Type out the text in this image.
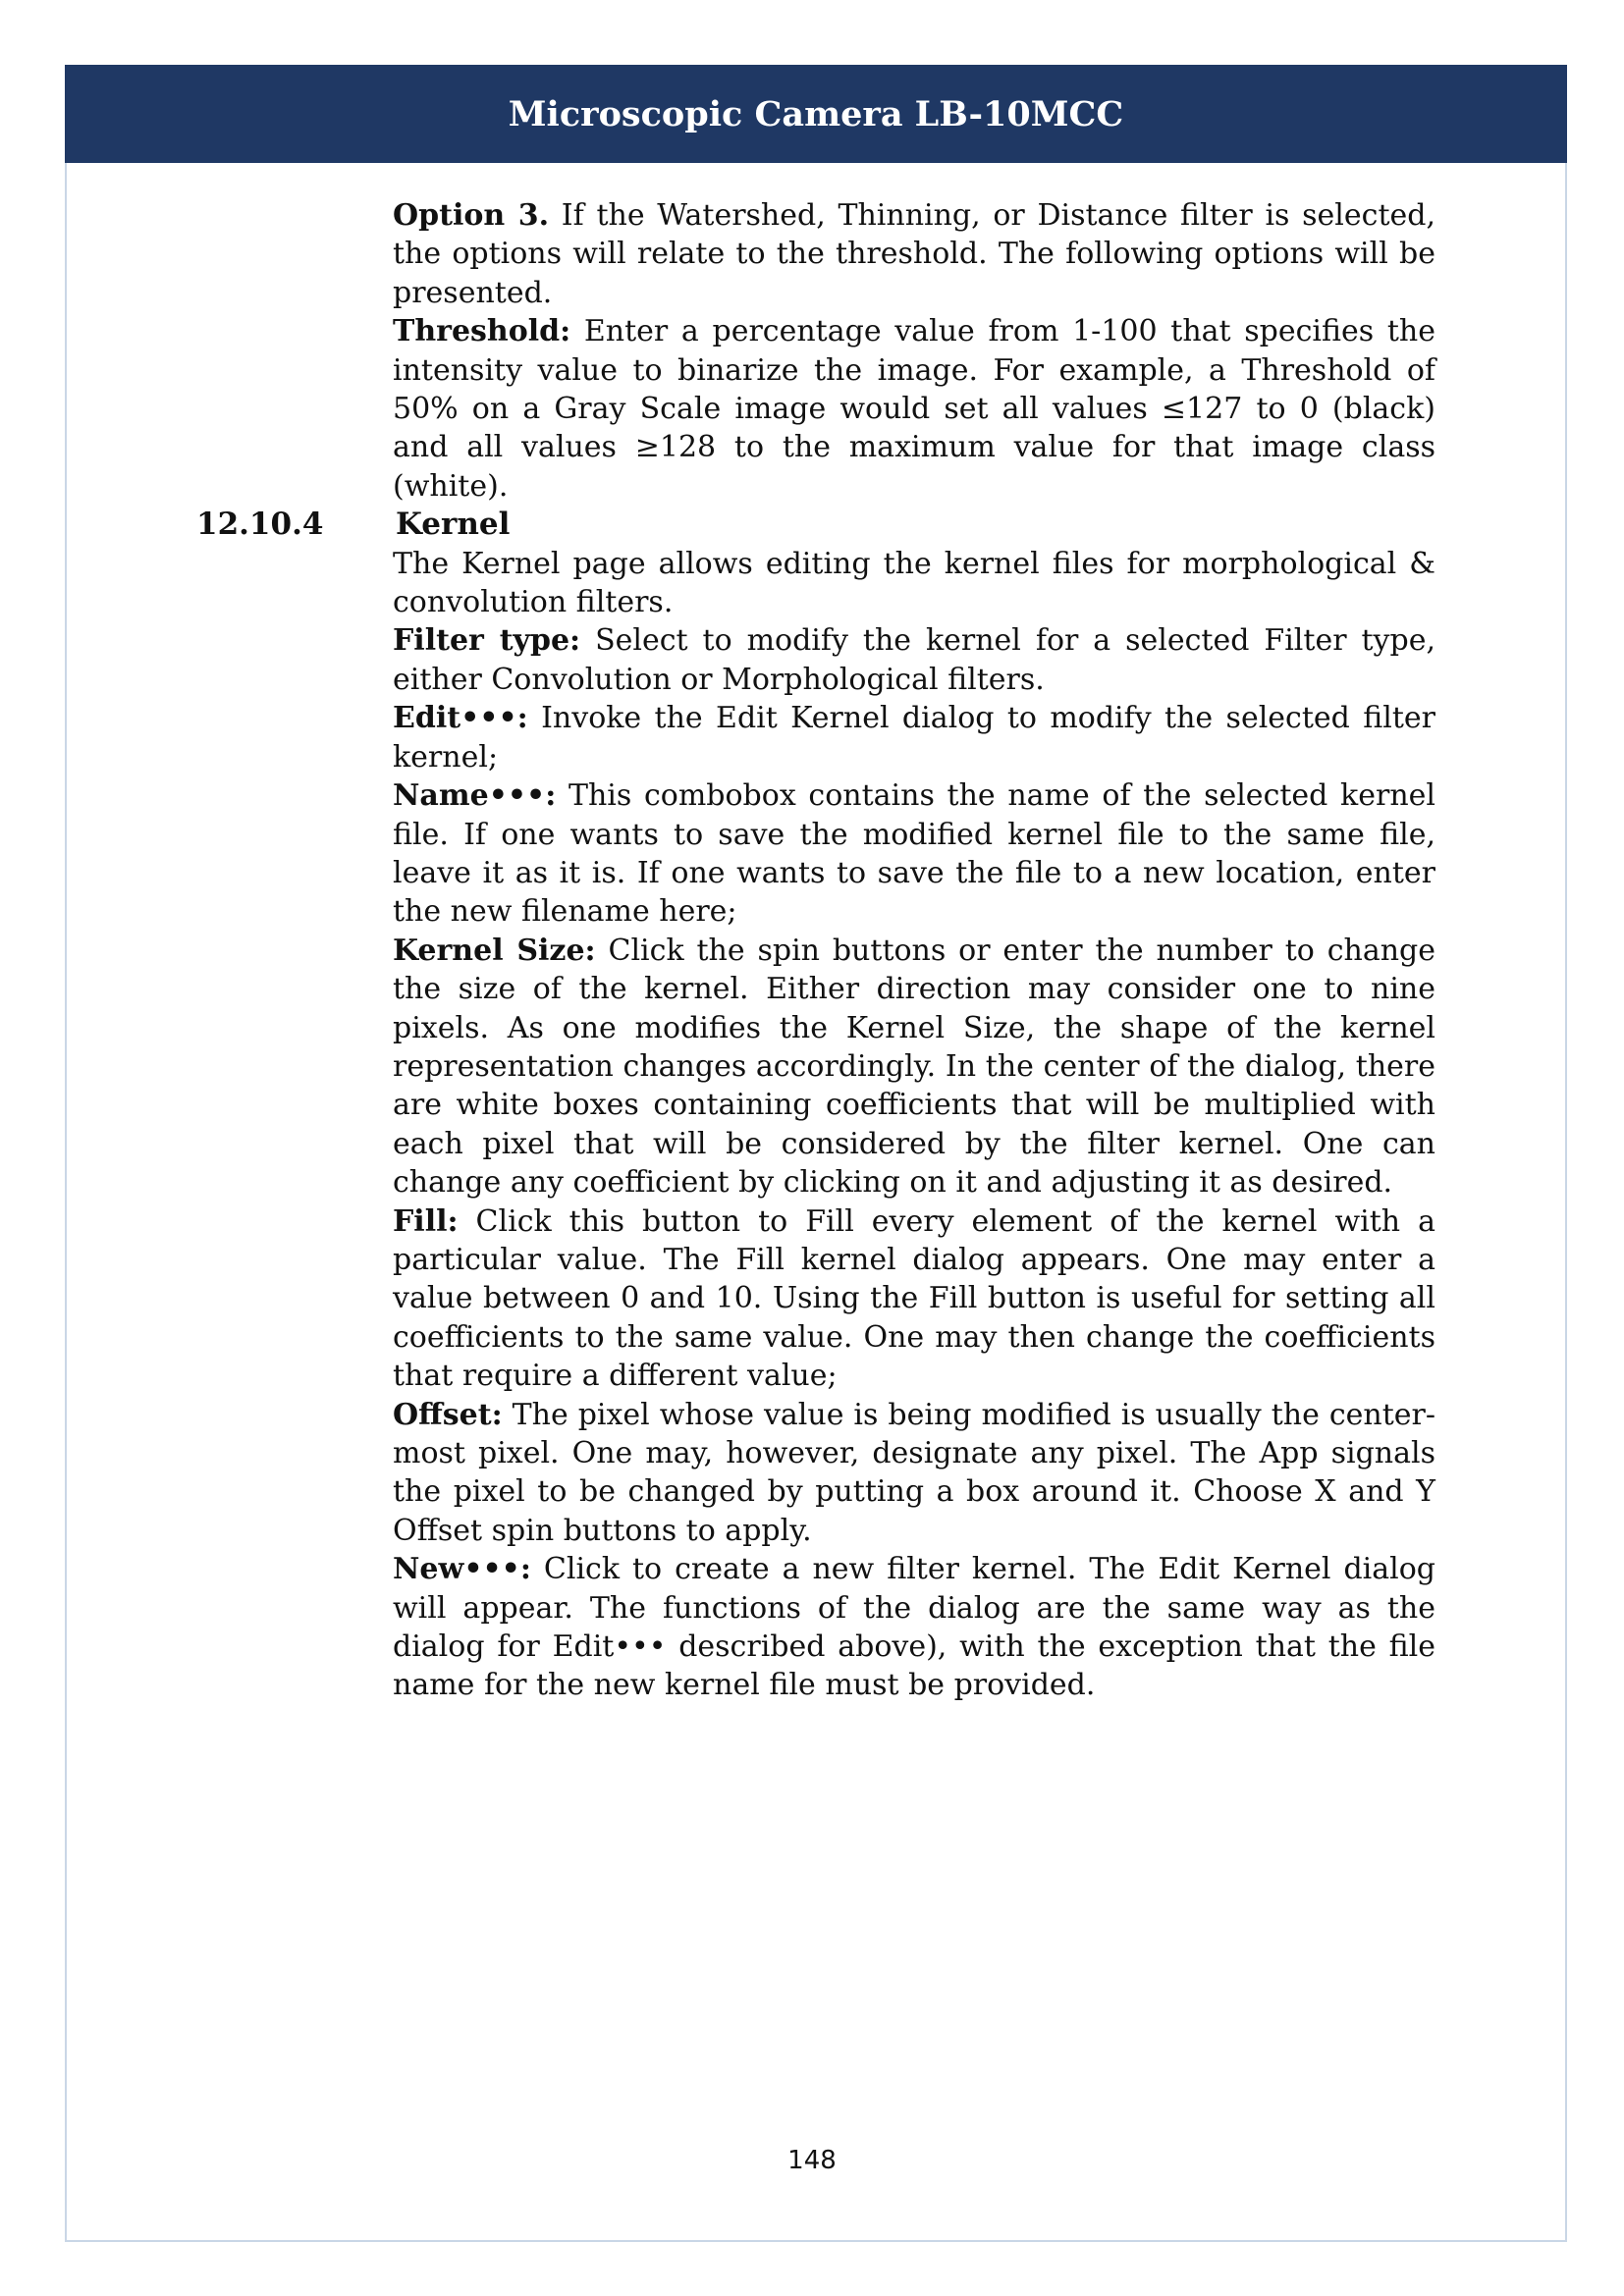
Microscopic Camera LB-10MCC

Option 3. If the Watershed, Thinning, or Distance filter is selected, the options will relate to the threshold. The following options will be presented.

Threshold: Enter a percentage value from 1-100 that specifies the intensity value to binarize the image. For example, a Threshold of 50% on a Gray Scale image would set all values ≤127 to 0 (black) and all values ≥128 to the maximum value for that image class (white).

12.10.4 Kernel

The Kernel page allows editing the kernel files for morphological & convolution filters.

Filter type: Select to modify the kernel for a selected Filter type, either Convolution or Morphological filters.

Edit•••: Invoke the Edit Kernel dialog to modify the selected filter kernel;

Name•••: This combobox contains the name of the selected kernel file. If one wants to save the modified kernel file to the same file, leave it as it is. If one wants to save the file to a new location, enter the new filename here;

Kernel Size: Click the spin buttons or enter the number to change the size of the kernel. Either direction may consider one to nine pixels. As one modifies the Kernel Size, the shape of the kernel representation changes accordingly. In the center of the dialog, there are white boxes containing coefficients that will be multiplied with each pixel that will be considered by the filter kernel. One can change any coefficient by clicking on it and adjusting it as desired.

Fill: Click this button to Fill every element of the kernel with a particular value. The Fill kernel dialog appears. One may enter a value between 0 and 10. Using the Fill button is useful for setting all coefficients to the same value. One may then change the coefficients that require a different value;

Offset: The pixel whose value is being modified is usually the center-most pixel. One may, however, designate any pixel. The App signals the pixel to be changed by putting a box around it. Choose X and Y Offset spin buttons to apply.

New•••: Click to create a new filter kernel. The Edit Kernel dialog will appear. The functions of the dialog are the same way as the dialog for Edit••• described above), with the exception that the file name for the new kernel file must be provided.

148
